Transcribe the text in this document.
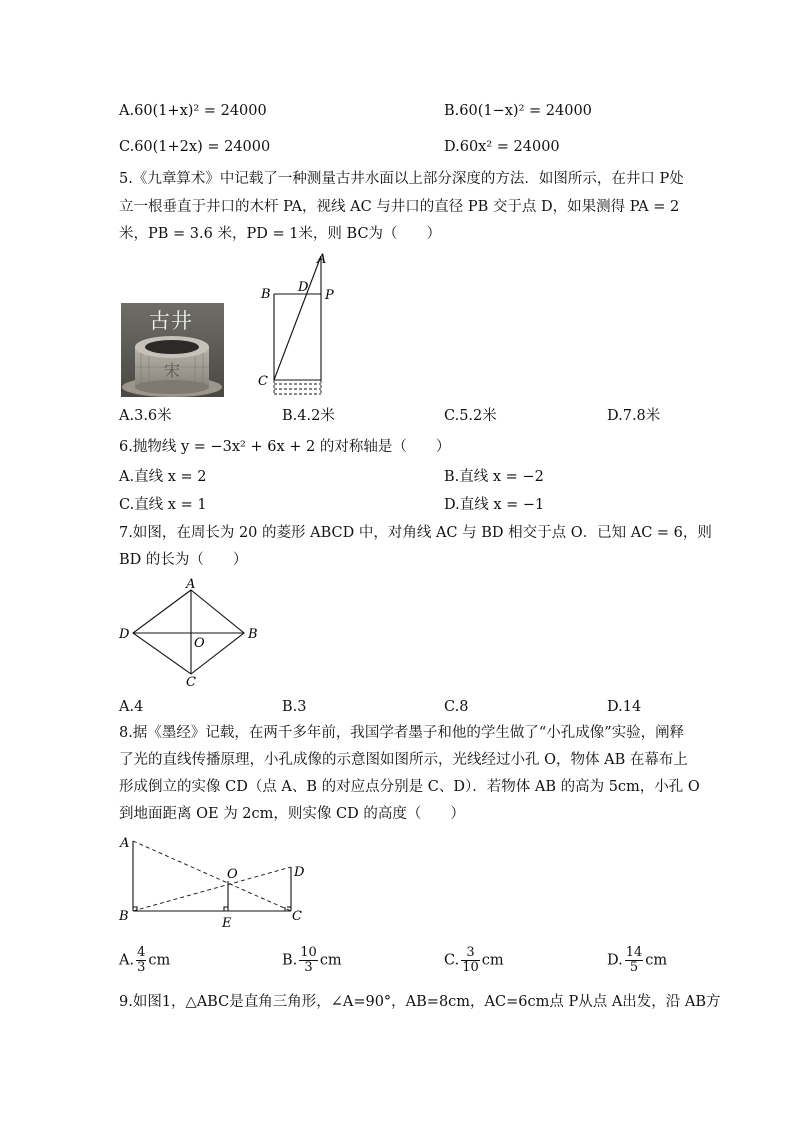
A.60(1+x)² = 24000	B.60(1−x)² = 24000
C.60(1+2x) = 24000	D.60x² = 24000
5.《九章算术》中记载了一种测量古井水面以上部分深度的方法．如图所示，在井口 P处
立一根垂直于井口的木杆 PA，视线 AC 与井口的直径 PB 交于点 D，如果测得 PA = 2
米，PB = 3.6 米，PD = 1米，则 BC为（　　）
宋
古井
A
B D
P
C
A.3.6米	B.4.2米	C.5.2米	D.7.8米
6.抛物线 y = −3x² + 6x + 2 的对称轴是（　　）
A.直线 x = 2	B.直线 x = −2
C.直线 x = 1	D.直线 x = −1
7.如图，在周长为 20 的菱形 ABCD 中，对角线 AC 与 BD 相交于点 O．已知 AC = 6，则
BD 的长为（　　）
A
D	B
O
C
A.4	B.3	C.8	D.14
8.据《墨经》记载，在两千多年前，我国学者墨子和他的学生做了“小孔成像”实验，阐释
了光的直线传播原理，小孔成像的示意图如图所示，光线经过小孔 O，物体 AB 在幕布上
形成倒立的实像 CD（点 A、B 的对应点分别是 C、D）．若物体 AB 的高为 5cm，小孔 O
到地面距离 OE 为 2cm，则实像 CD 的高度（　　）
A
O	D
B	E	C
A. $\frac{4}{3}$ cm	B. $\frac{10}{3}$ cm	C. $\frac{3}{10}$ cm	D. $\frac{14}{5}$ cm
9.如图1，△ABC是直角三角形，∠A=90°，AB=8cm，AC=6cm点 P从点 A出发，沿 AB方
